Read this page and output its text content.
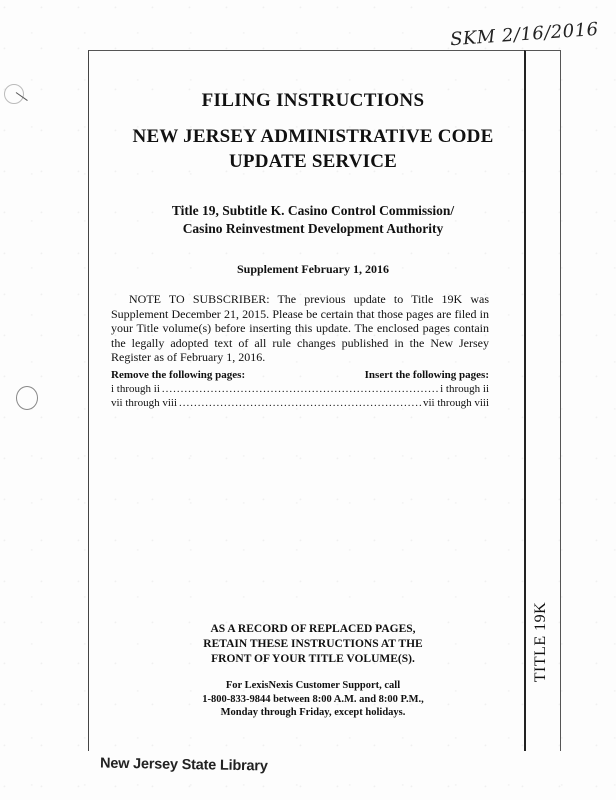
SKM 2/16/2016
TITLE 19K
FILING INSTRUCTIONS
NEW JERSEY ADMINISTRATIVE CODE
UPDATE SERVICE
Title 19, Subtitle K. Casino Control Commission/
Casino Reinvestment Development Authority
Supplement February 1, 2016
NOTE TO SUBSCRIBER: The previous update to Title 19K was Supplement December 21, 2015. Please be certain that those pages are filed in your Title volume(s) before inserting this update. The enclosed pages contain the legally adopted text of all rule changes published in the New Jersey Register as of February 1, 2016.
Remove the following pages:	Insert the following pages:
i through ii .....	i through ii
vii through viii .....	vii through viii
AS A RECORD OF REPLACED PAGES,
RETAIN THESE INSTRUCTIONS AT THE
FRONT OF YOUR TITLE VOLUME(S).
For LexisNexis Customer Support, call
1-800-833-9844 between 8:00 A.M. and 8:00 P.M.,
Monday through Friday, except holidays.
New Jersey State Library
